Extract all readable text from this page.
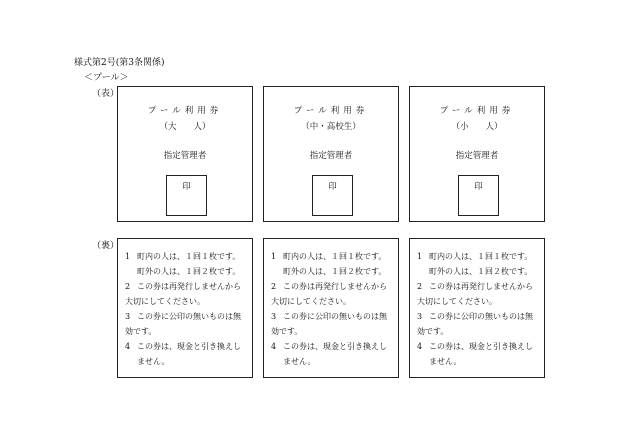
様式第2号(第3条関係)
＜プール＞
（表）
（裏）
プール利用券
（大　　人）
指定管理者
印
プール利用券
（中・高校生）
指定管理者
印
プール利用券
（小　　人）
指定管理者
印
1 町内の人は、１回１枚です。
町外の人は、１回２枚です。
2 この券は再発行しませんから
大切にしてください。
3 この券に公印の無いものは無
効です。
4 この券は、現金と引き換えし
ません。
1 町内の人は、１回１枚です。
町外の人は、１回２枚です。
2 この券は再発行しませんから
大切にしてください。
3 この券に公印の無いものは無
効です。
4 この券は、現金と引き換えし
ません。
1 町内の人は、１回１枚です。
町外の人は、１回２枚です。
2 この券は再発行しませんから
大切にしてください。
3 この券に公印の無いものは無
効です。
4 この券は、現金と引き換えし
ません。
